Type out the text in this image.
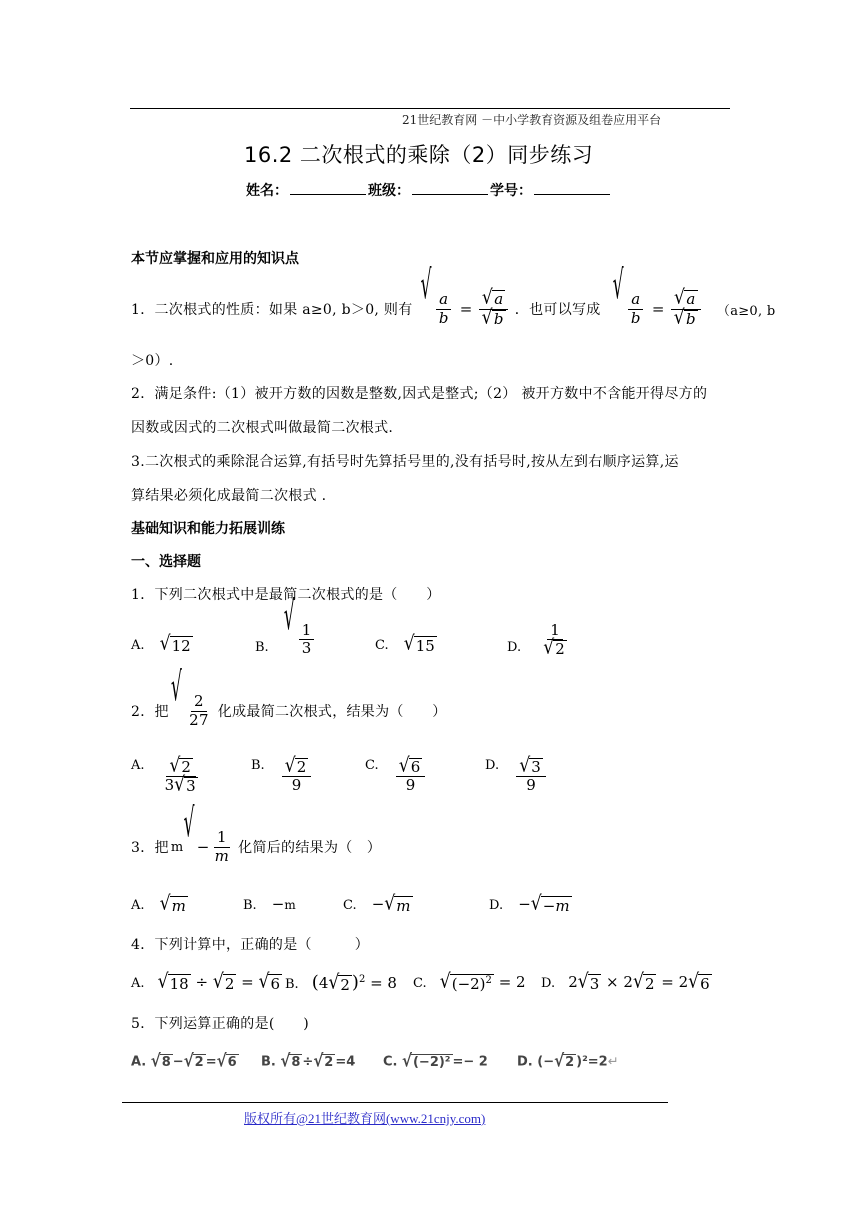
21世纪教育网 －中小学教育资源及组卷应用平台
16.2 二次根式的乘除（2）同步练习
姓名：	班级：	学号：
本节应掌握和应用的知识点
1．二次根式的性质：如果 a≥0, b＞0, 则有
√ $\frac{a}{b} = \frac{√ a}{√ b}$ ．也可以写成
√ $\frac{a}{b} = \frac{√ a}{√ b} (a\ge 0$, b
＞0）.
2．满足条件:（1）被开方数的因数是整数,因式是整式;（2） 被开方数中不含能开得尽方的
因数或因式的二次根式叫做最简二次根式.
3.二次根式的乘除混合运算,有括号时先算括号里的,没有括号时,按从左到右顺序运算,运
算结果必须化成最简二次根式 .
基础知识和能力拓展训练
一、选择题
1．下列二次根式中是最简二次根式的是（　　）
A. √ 12	$_{B.}$
√ $\frac{1}{3}$	C. √ 15	$_{D.} \frac{1}{√ 2}$
2．把
√ $\frac{2}{27}$ 化成最简二次根式，结果为（　　）
A. $\frac{√ 2}{3 √ 3}$	B. $\frac{√ 2}{9}$	C. $\frac{√ 6}{9}$	D. $\frac{√ 3}{9}$
3．把 m √ − $\frac{1}{m}$ 化简后的结果为（　）
A. √ m	B. −m	C. − √ m	D. − √ −m
4．下列计算中，正确的是（　　　）
A. √ 18 ÷ √ 2 = √ 6 B. (4 √ 2 )$^2$ = 8 C. √ $(-2)^2 = 2$ D. 2 √ 3 × 2 √ 2 = 2 √ 6
5．下列运算正确的是(　　)
A. √ 8 − √ 2 = √ 6 B. √ 8 ÷ √ 2 =4 C. √ (−2)² =− 2 D. (− √ 2 )²=2↵
版权所有@21世纪教育网(www.21cnjy.com)
